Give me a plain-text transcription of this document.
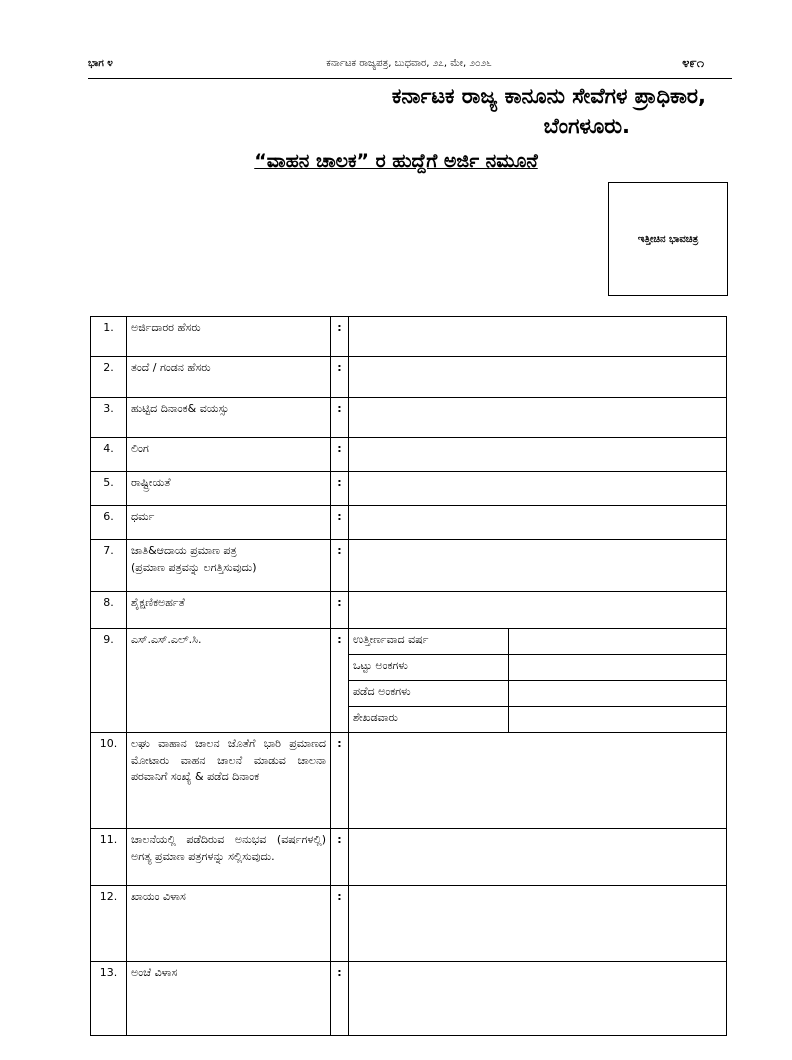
ಭಾಗ ೪	ಕರ್ನಾಟಕ ರಾಜ್ಯಪತ್ರ, ಬುಧವಾರ, ೨೭, ಮೇ, ೨೦೨೬	೪೯೧
ಕರ್ನಾಟಕ ರಾಜ್ಯ ಕಾನೂನು ಸೇವೆಗಳ ಪ್ರಾಧಿಕಾರ,
ಬೆಂಗಳೂರು.
“ವಾಹನ ಚಾಲಕ” ರ ಹುದ್ದೆಗೆ ಅರ್ಜಿ ನಮೂನೆ
ಇತ್ತೀಚಿನ ಭಾವಚಿತ್ರ
1.	ಅರ್ಜಿದಾರರ ಹೆಸರು	:		
2.	ತಂದೆ / ಗಂಡನ ಹೆಸರು	:		
3.	ಹುಟ್ಟಿದ ದಿನಾಂಕ& ವಯಸ್ಸು	:		
4.	ಲಿಂಗ	:		
5.	ರಾಷ್ಟ್ರೀಯತೆ	:		
6.	ಧರ್ಮ	:		
7.	ಜಾತಿ&ಆದಾಯ ಪ್ರಮಾಣ ಪತ್ರ
(ಪ್ರಮಾಣ ಪತ್ರವನ್ನು ಲಗತ್ತಿಸುವುದು)	:		
8.	ಶೈಕ್ಷಣಿಕಅರ್ಹತೆ	:		
9.	ಎಸ್.ಎಸ್.ಎಲ್.ಸಿ.	:	ಉತ್ತೀರ್ಣವಾದ ವರ್ಷ	
			ಒಟ್ಟು ಅಂಕಗಳು	
			ಪಡೆದ ಅಂಕಗಳು	
			ಶೇಖಡವಾರು	
10.	ಲಘು ವಾಹಾನ ಚಾಲನ ಜೊತೆಗೆ ಭಾರಿ ಪ್ರಮಾಣದ ಮೋಟಾರು ವಾಹನ ಚಾಲನೆ ಮಾಡುವ ಚಾಲನಾ ಪರವಾನಿಗೆ ಸಂಖ್ಯೆ & ಪಡೆದ ದಿನಾಂಕ	:		
11.	ಚಾಲನೆಯಲ್ಲಿ ಪಡೆದಿರುವ ಅನುಭವ (ವರ್ಷಗಳಲ್ಲಿ) ಅಗತ್ಯ ಪ್ರಮಾಣ ಪತ್ರಗಳನ್ನು ಸಲ್ಲಿಸುವುದು.	:		
12.	ಖಾಯಂ ವಿಳಾಸ	:		
13.	ಅಂಚೆ ವಿಳಾಸ	:		
